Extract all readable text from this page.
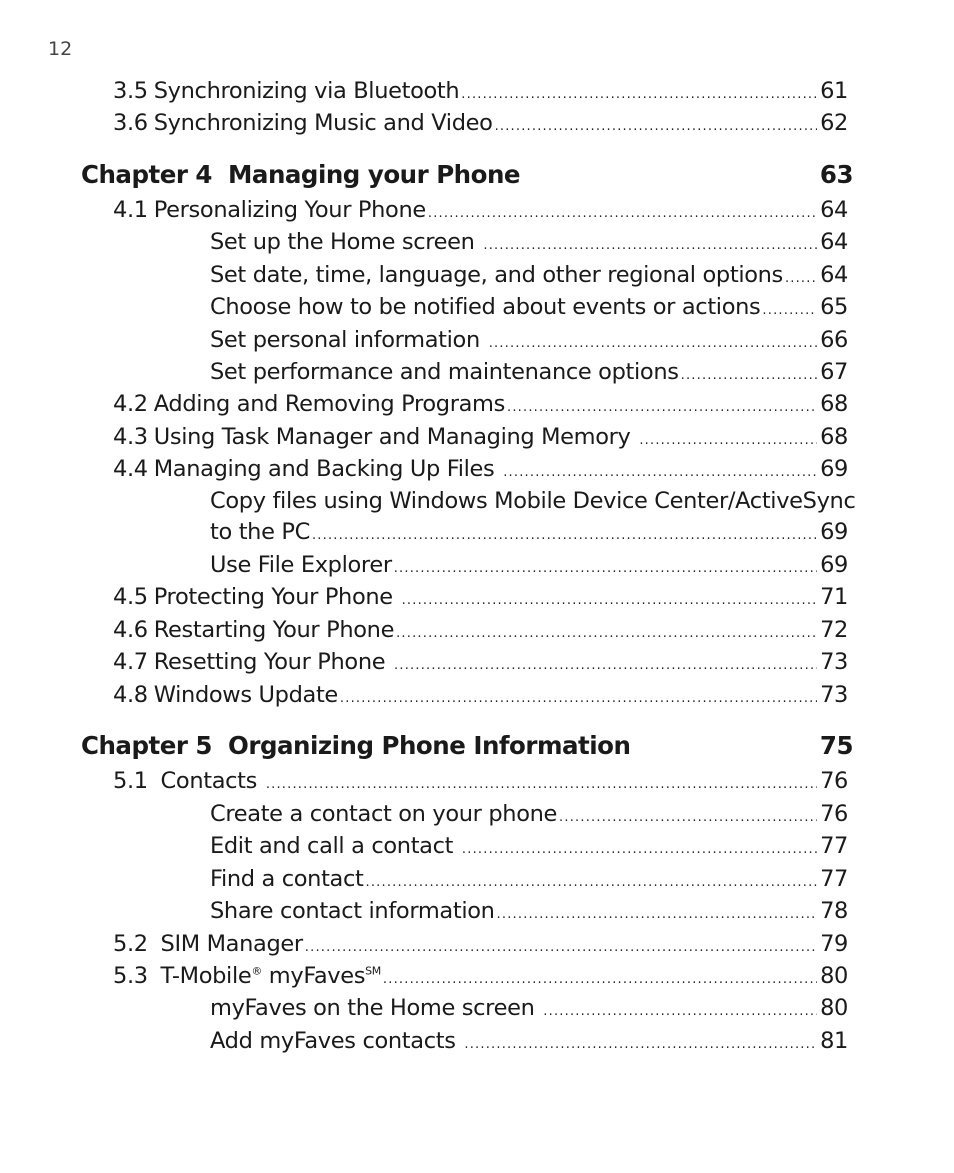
12
3.5 Synchronizing via Bluetooth .....	61
3.6 Synchronizing Music and Video .....	62
Chapter 4  Managing your Phone	63
4.1 Personalizing Your Phone .....	64
Set up the Home screen .....	64
Set date, time, language, and other regional options ..... 64
Choose how to be notified about events or actions .....	65
Set personal information .....	66
Set performance and maintenance options .....	67
4.2 Adding and Removing Programs .....	68
4.3 Using Task Manager and Managing Memory .....	68
4.4 Managing and Backing Up Files .....	69
Copy files using Windows Mobile Device Center/ActiveSync
to the PC .....	69
Use File Explorer .....	69
4.5 Protecting Your Phone .....	71
4.6 Restarting Your Phone .....	72
4.7 Resetting Your Phone .....	73
4.8 Windows Update .....	73
Chapter 5  Organizing Phone Information	75
5.1 Contacts .....	76
Create a contact on your phone .....	76
Edit and call a contact .....	77
Find a contact .....	77
Share contact information .....	78
5.2 SIM Manager .....	79
5.3 T-Mobile® myFaves℠ .....	80
myFaves on the Home screen .....	80
Add myFaves contacts .....	81
